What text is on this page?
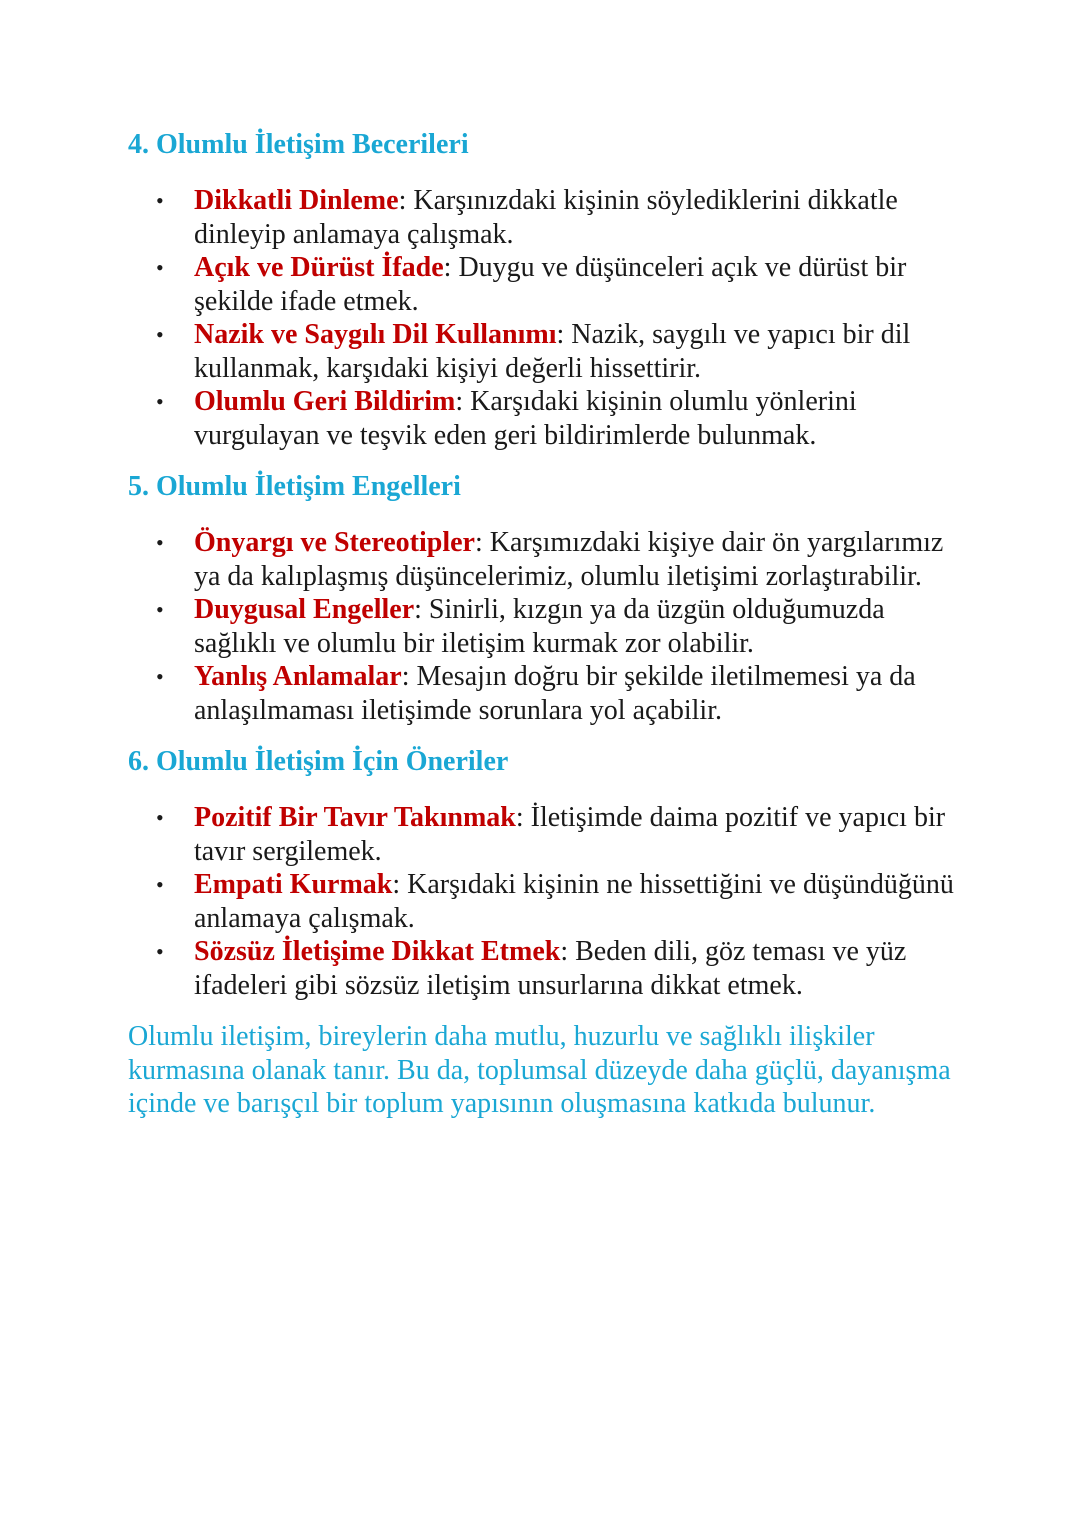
4. Olumlu İletişim Becerileri
• Dikkatli Dinleme: Karşınızdaki kişinin söylediklerini dikkatle dinleyip anlamaya çalışmak.
• Açık ve Dürüst İfade: Duygu ve düşünceleri açık ve dürüst bir şekilde ifade etmek.
• Nazik ve Saygılı Dil Kullanımı: Nazik, saygılı ve yapıcı bir dil kullanmak, karşıdaki kişiyi değerli hissettirir.
• Olumlu Geri Bildirim: Karşıdaki kişinin olumlu yönlerini vurgulayan ve teşvik eden geri bildirimlerde bulunmak.
5. Olumlu İletişim Engelleri
• Önyargı ve Stereotipler: Karşımızdaki kişiye dair ön yargılarımız ya da kalıplaşmış düşüncelerimiz, olumlu iletişimi zorlaştırabilir.
• Duygusal Engeller: Sinirli, kızgın ya da üzgün olduğumuzda sağlıklı ve olumlu bir iletişim kurmak zor olabilir.
• Yanlış Anlamalar: Mesajın doğru bir şekilde iletilmemesi ya da anlaşılmaması iletişimde sorunlara yol açabilir.
6. Olumlu İletişim İçin Öneriler
• Pozitif Bir Tavır Takınmak: İletişimde daima pozitif ve yapıcı bir tavır sergilemek.
• Empati Kurmak: Karşıdaki kişinin ne hissettiğini ve düşündüğünü anlamaya çalışmak.
• Sözsüz İletişime Dikkat Etmek: Beden dili, göz teması ve yüz ifadeleri gibi sözsüz iletişim unsurlarına dikkat etmek.

Olumlu iletişim, bireylerin daha mutlu, huzurlu ve sağlıklı ilişkiler kurmasına olanak tanır. Bu da, toplumsal düzeyde daha güçlü, dayanışma içinde ve barışçıl bir toplum yapısının oluşmasına katkıda bulunur.
